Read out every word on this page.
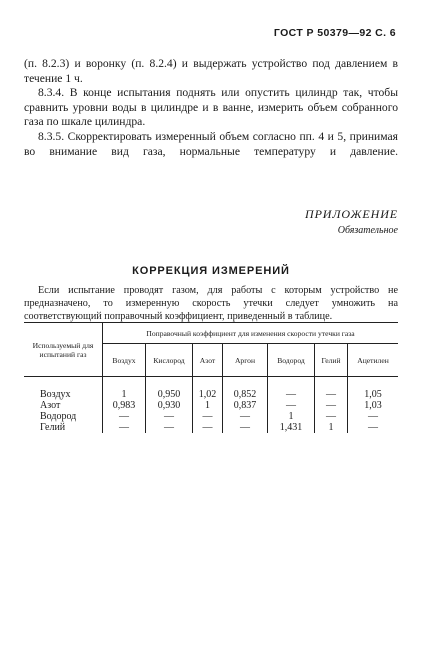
ГОСТ Р 50379—92 С. 6

(п. 8.2.3) и воронку (п. 8.2.4) и выдержать устройство под давлением в течение 1 ч.

8.3.4. В конце испытания поднять или опустить цилиндр так, чтобы сравнить уровни воды в цилиндре и в ванне, измерить объем собранного газа по шкале цилиндра.

8.3.5. Скорректировать измеренный объем согласно пп. 4 и 5, принимая во внимание вид газа, нормальные температуру и давление.

ПРИЛОЖЕНИЕ
Обязательное
КОРРЕКЦИЯ ИЗМЕРЕНИЙ

Если испытание проводят газом, для работы с которым устройство не предназначено, то измеренную скорость утечки следует умножить на соответствующий поправочный коэффициент, приведенный в таблице.

Используемый для испытаний газ	Поправочный коэффициент для изменения скорости утечки газа						
	Воздух	Кислород	Азот	Аргон	Водород	Гелий	Ацетилен
Воздух	1	0,950	1,02	0,852	—	—	1,05
Азот	0,983	0,930	1	0,837	—	—	1,03
Водород	—	—	—	—	1	—	—
Гелий	—	—	—	—	1,431	1	—
